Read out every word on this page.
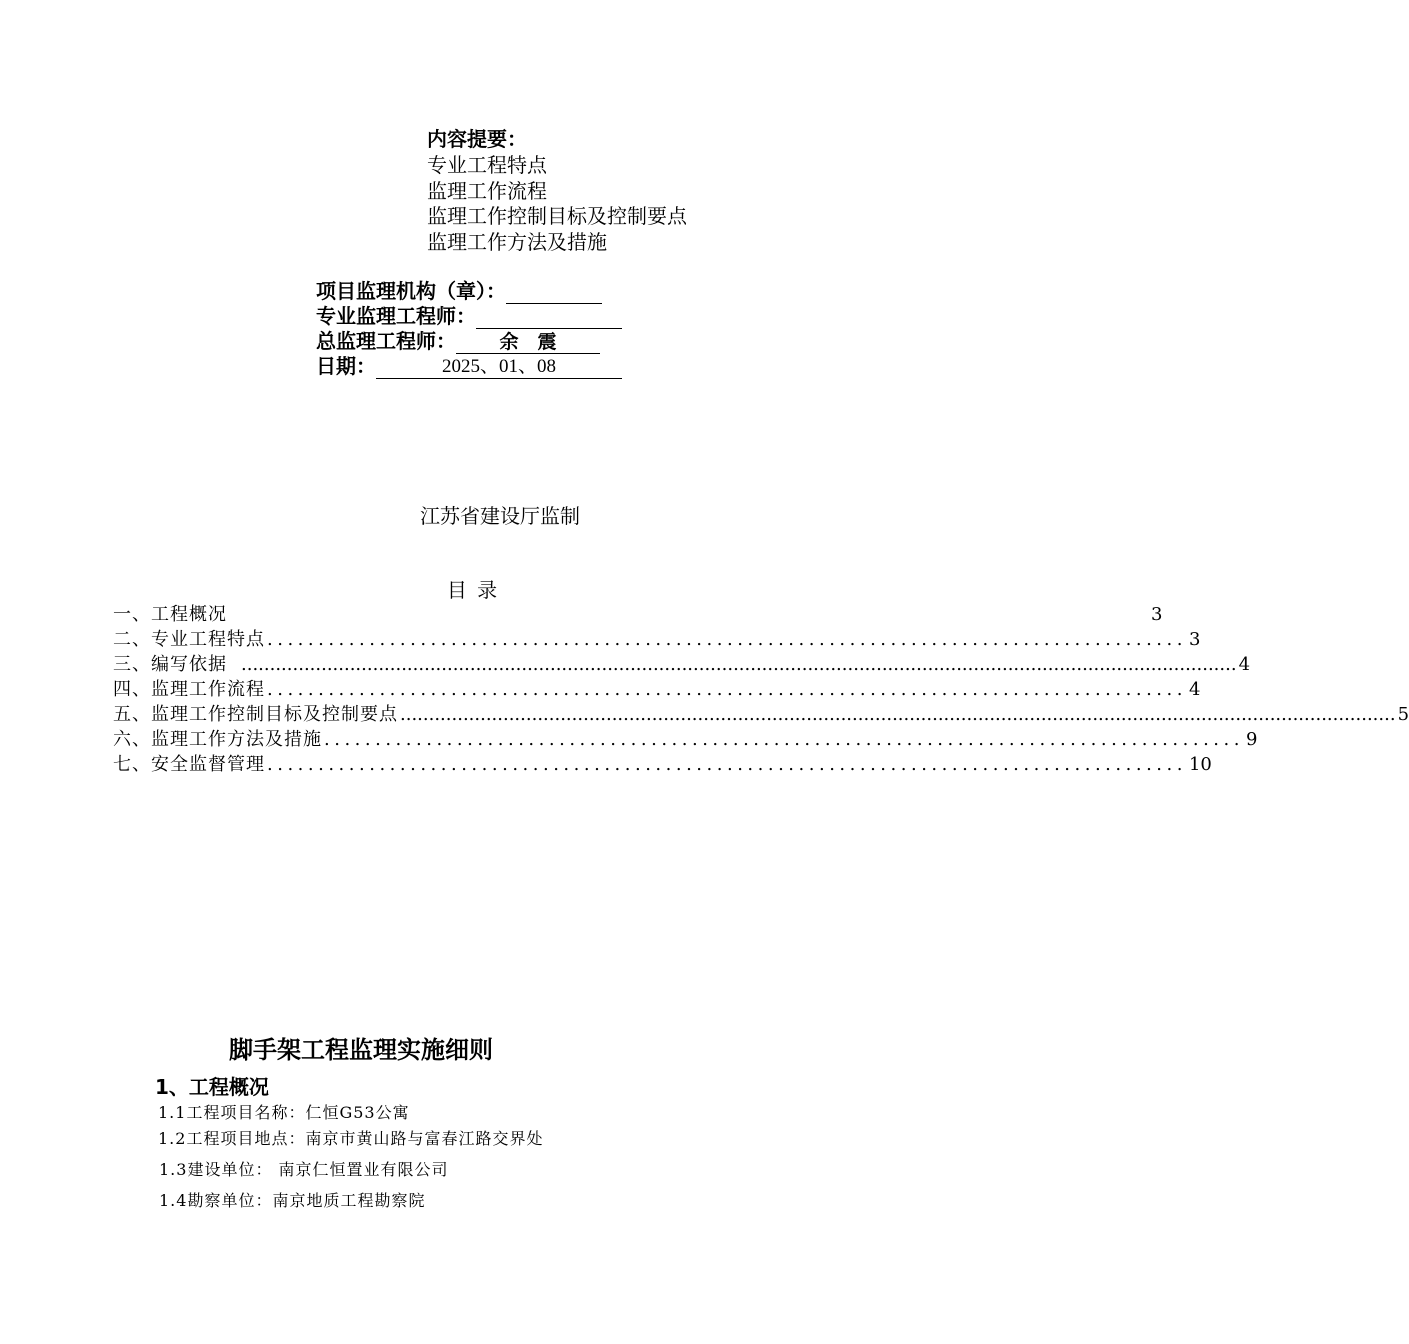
内容提要：
专业工程特点
监理工作流程
监理工作控制目标及控制要点
监理工作方法及措施
项目监理机构（章）：
专业监理工程师：
总监理工程师：	余　震
日期：	2025、01、08
江苏省建设厅监制
目 录
一、工程概况	3
二、专业工程特点 .......................................................................................... 3
三、编写依据 .............................................................................................................................................................................. 4
四、监理工作流程 .......................................................................................... 4
五、监理工作控制目标及控制要点 .............................................................................................................................................................................. 5
六、监理工作方法及措施 .......................................................................................... 9
七、安全监督管理 .......................................................................................... 10
脚手架工程监理实施细则
1、工程概况
1.1工程项目名称：仁恒G53公寓
1.2工程项目地点：南京市黄山路与富春江路交界处
1.3建设单位： 南京仁恒置业有限公司
1.4勘察单位：南京地质工程勘察院
